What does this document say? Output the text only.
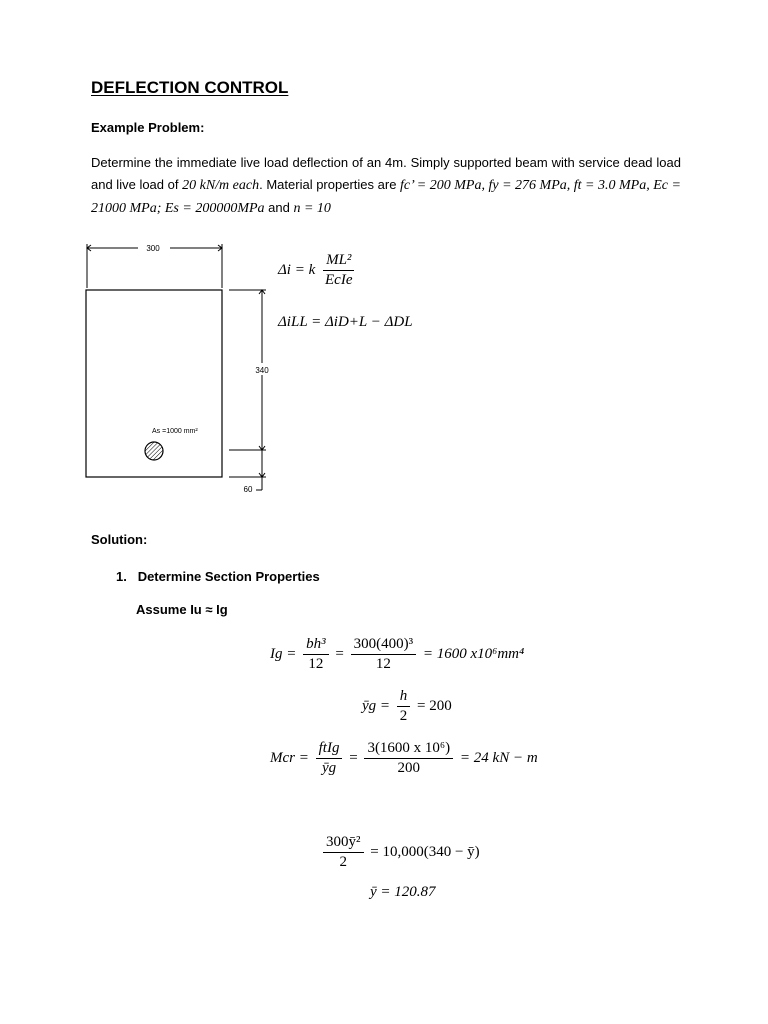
DEFLECTION CONTROL
Example Problem:
Determine the immediate live load deflection of an 4m. Simply supported beam with service dead load and live load of 20 kN/m each. Material properties are fc’ = 200 MPa, fy = 276 MPa, ft = 3.0 MPa, Ec = 21000 MPa; Es = 200000MPa and n = 10
300
As =1000 mm²
340
60
Δi = k $\frac{\text{ML²}}{\text{EcIe}}$
ΔiLL = ΔiD+L − ΔDL
Solution:
1. Determine Section Properties
Assume Iu ≈ Ig
$Ig = \frac{\text{bh³}}{12} = \frac{\text{300(400)³}}{12} = 1600$ x10⁶mm⁴
ȳg = $\frac{h}{2} = 200$
Mcr = $\frac{\text{ftIg}}{ȳg} = \frac{\text{3(1600 x 10⁶)}}{200} = 24$ kN − m
$\frac{\text{300ȳ²}}{2} = 10,000(340$ − ȳ)
ȳ = 120.87
